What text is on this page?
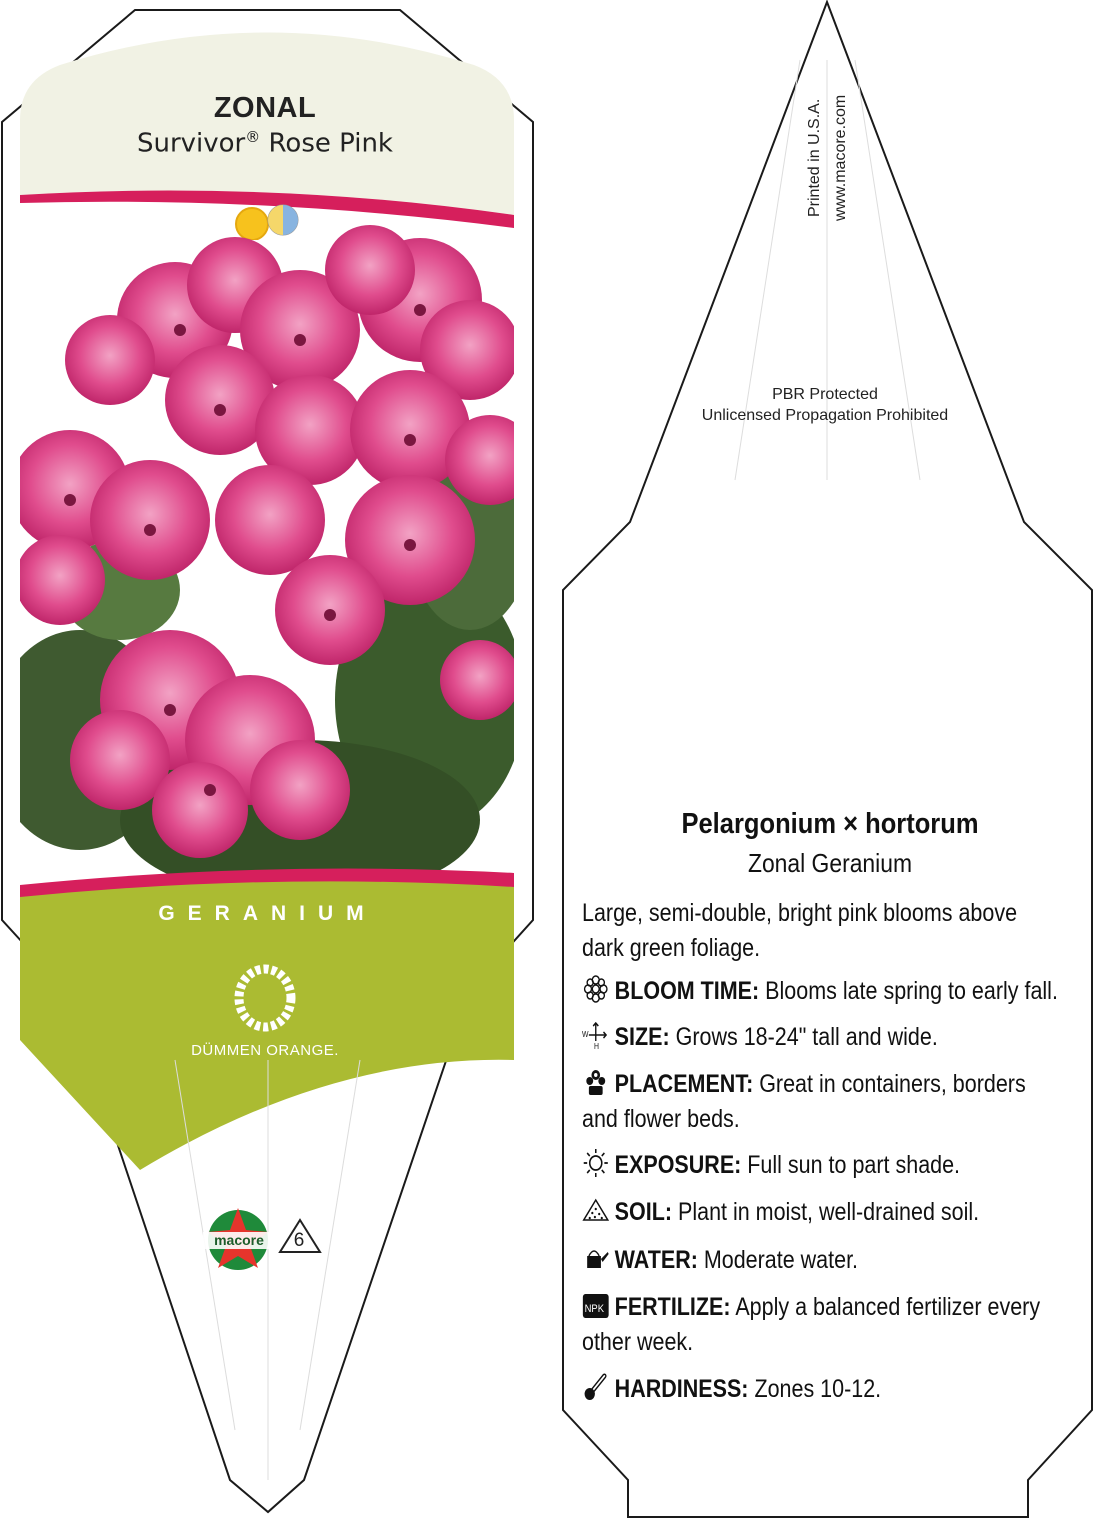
ZONAL
Survivor® Rose Pink
GERANIUM
DÜMMEN ORANGE.
macore	6
Printed in U.S.A. www.macore.com
PBR Protected
Unlicensed Propagation Prohibited
Pelargonium × hortorum
Zonal Geranium
Large, semi-double, bright pink blooms above dark green foliage.
BLOOM TIME: Blooms late spring to early fall.
W
H SIZE: Grows 18-24" tall and wide.
PLACEMENT: Great in containers, borders and flower beds.
EXPOSURE: Full sun to part shade.
SOIL: Plant in moist, well-drained soil.
WATER: Moderate water.
NPK FERTILIZE: Apply a balanced fertilizer every other week.
HARDINESS: Zones 10-12.
